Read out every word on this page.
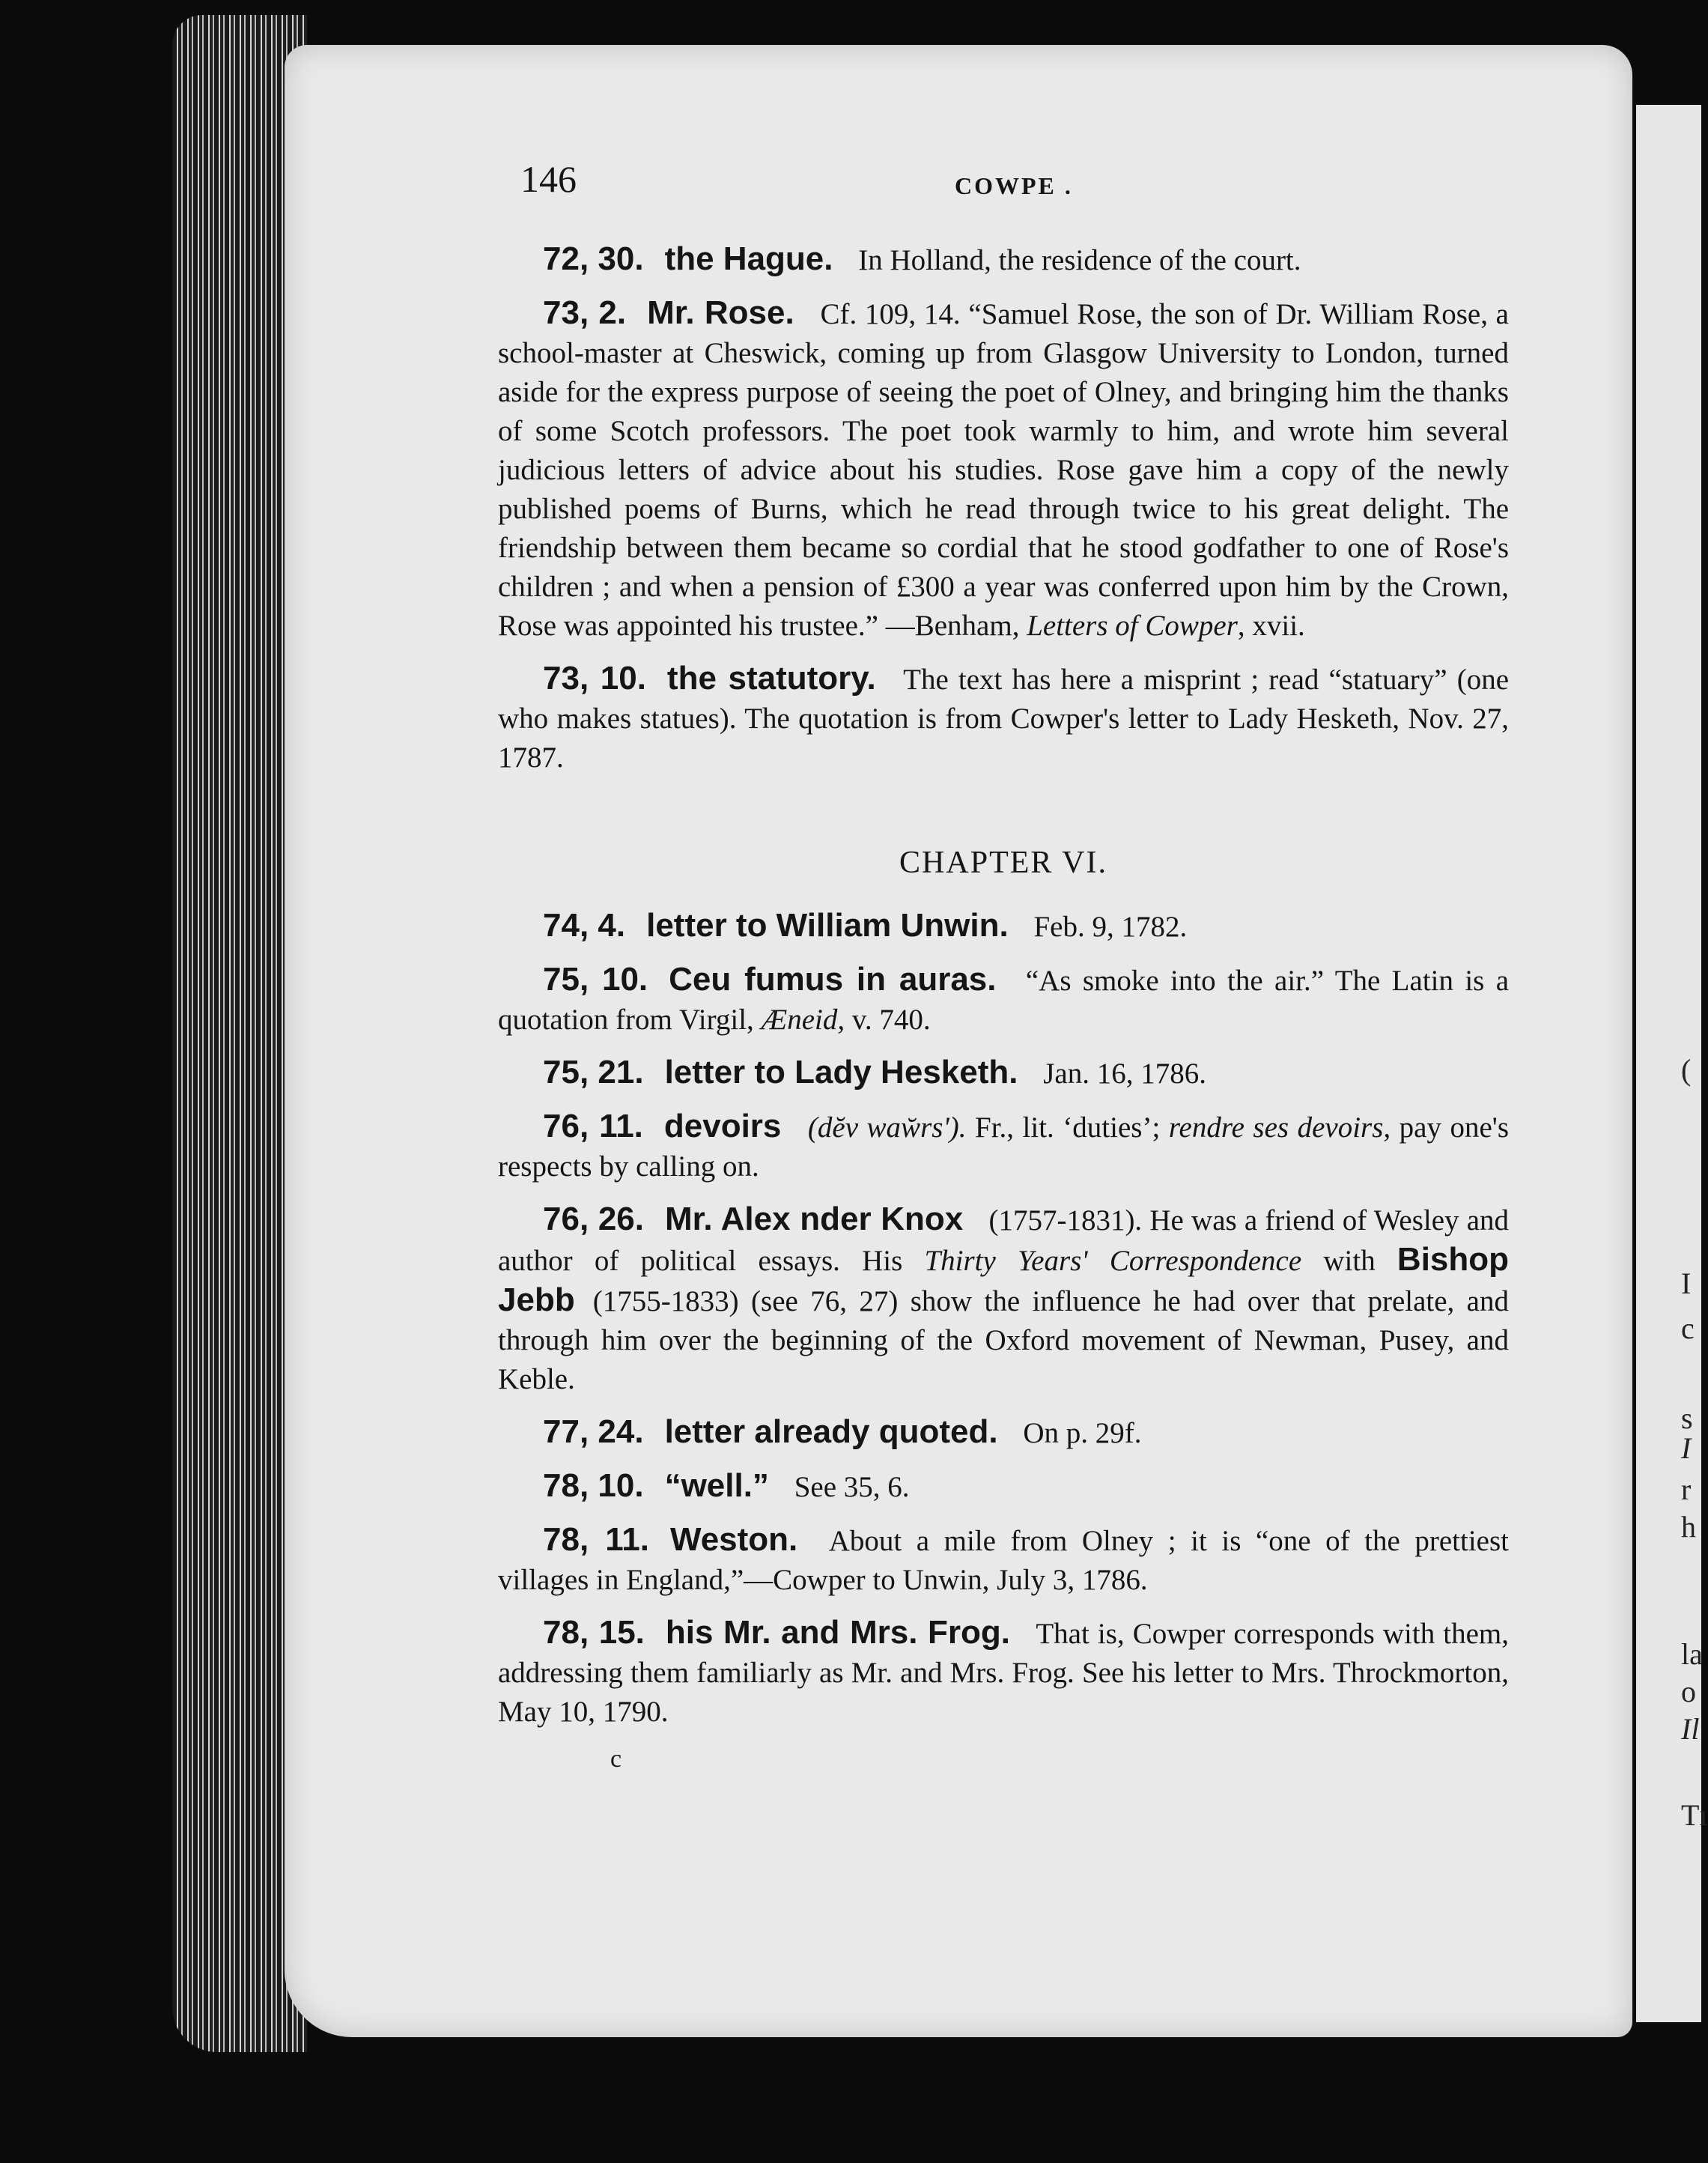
(
I
c
s
I
r
h
la
o
Il
Tı
146	COWPE .

72, 30. the Hague. In Holland, the residence of the court.

73, 2. Mr. Rose. Cf. 109, 14. “Samuel Rose, the son of Dr. William Rose, a school-master at Cheswick, coming up from Glasgow University to London, turned aside for the express purpose of seeing the poet of Olney, and bringing him the thanks of some Scotch professors. The poet took warmly to him, and wrote him several judicious letters of advice about his studies. Rose gave him a copy of the newly published poems of Burns, which he read through twice to his great delight. The friendship between them became so cordial that he stood godfather to one of Rose's children ; and when a pension of £300 a year was conferred upon him by the Crown, Rose was appointed his trustee.” —Benham, Letters of Cowper, xvii.

73, 10. the statutory. The text has here a misprint ; read “statuary” (one who makes statues). The quotation is from Cowper's letter to Lady Hesketh, Nov. 27, 1787.

CHAPTER VI.

74, 4. letter to William Unwin. Feb. 9, 1782.

75, 10. Ceu fumus in auras. “As smoke into the air.” The Latin is a quotation from Virgil, Æneid, v. 740.

75, 21. letter to Lady Hesketh. Jan. 16, 1786.

76, 11. devoirs (dĕv waw̆rs'). Fr., lit. ‘duties’; rendre ses devoirs, pay one's respects by calling on.

76, 26. Mr. Alex nder Knox (1757-1831). He was a friend of Wesley and author of political essays. His Thirty Years' Correspondence with Bishop Jebb (1755-1833) (see 76, 27) show the influence he had over that prelate, and through him over the beginning of the Oxford movement of Newman, Pusey, and Keble.

77, 24. letter already quoted. On p. 29f.

78, 10. “well.” See 35, 6.

78, 11. Weston. About a mile from Olney ; it is “one of the prettiest villages in England,”—Cowper to Unwin, July 3, 1786.

78, 15. his Mr. and Mrs. Frog. That is, Cowper corresponds with them, addressing them familiarly as Mr. and Mrs. Frog. See his letter to Mrs. Throckmorton, May 10, 1790.

c
